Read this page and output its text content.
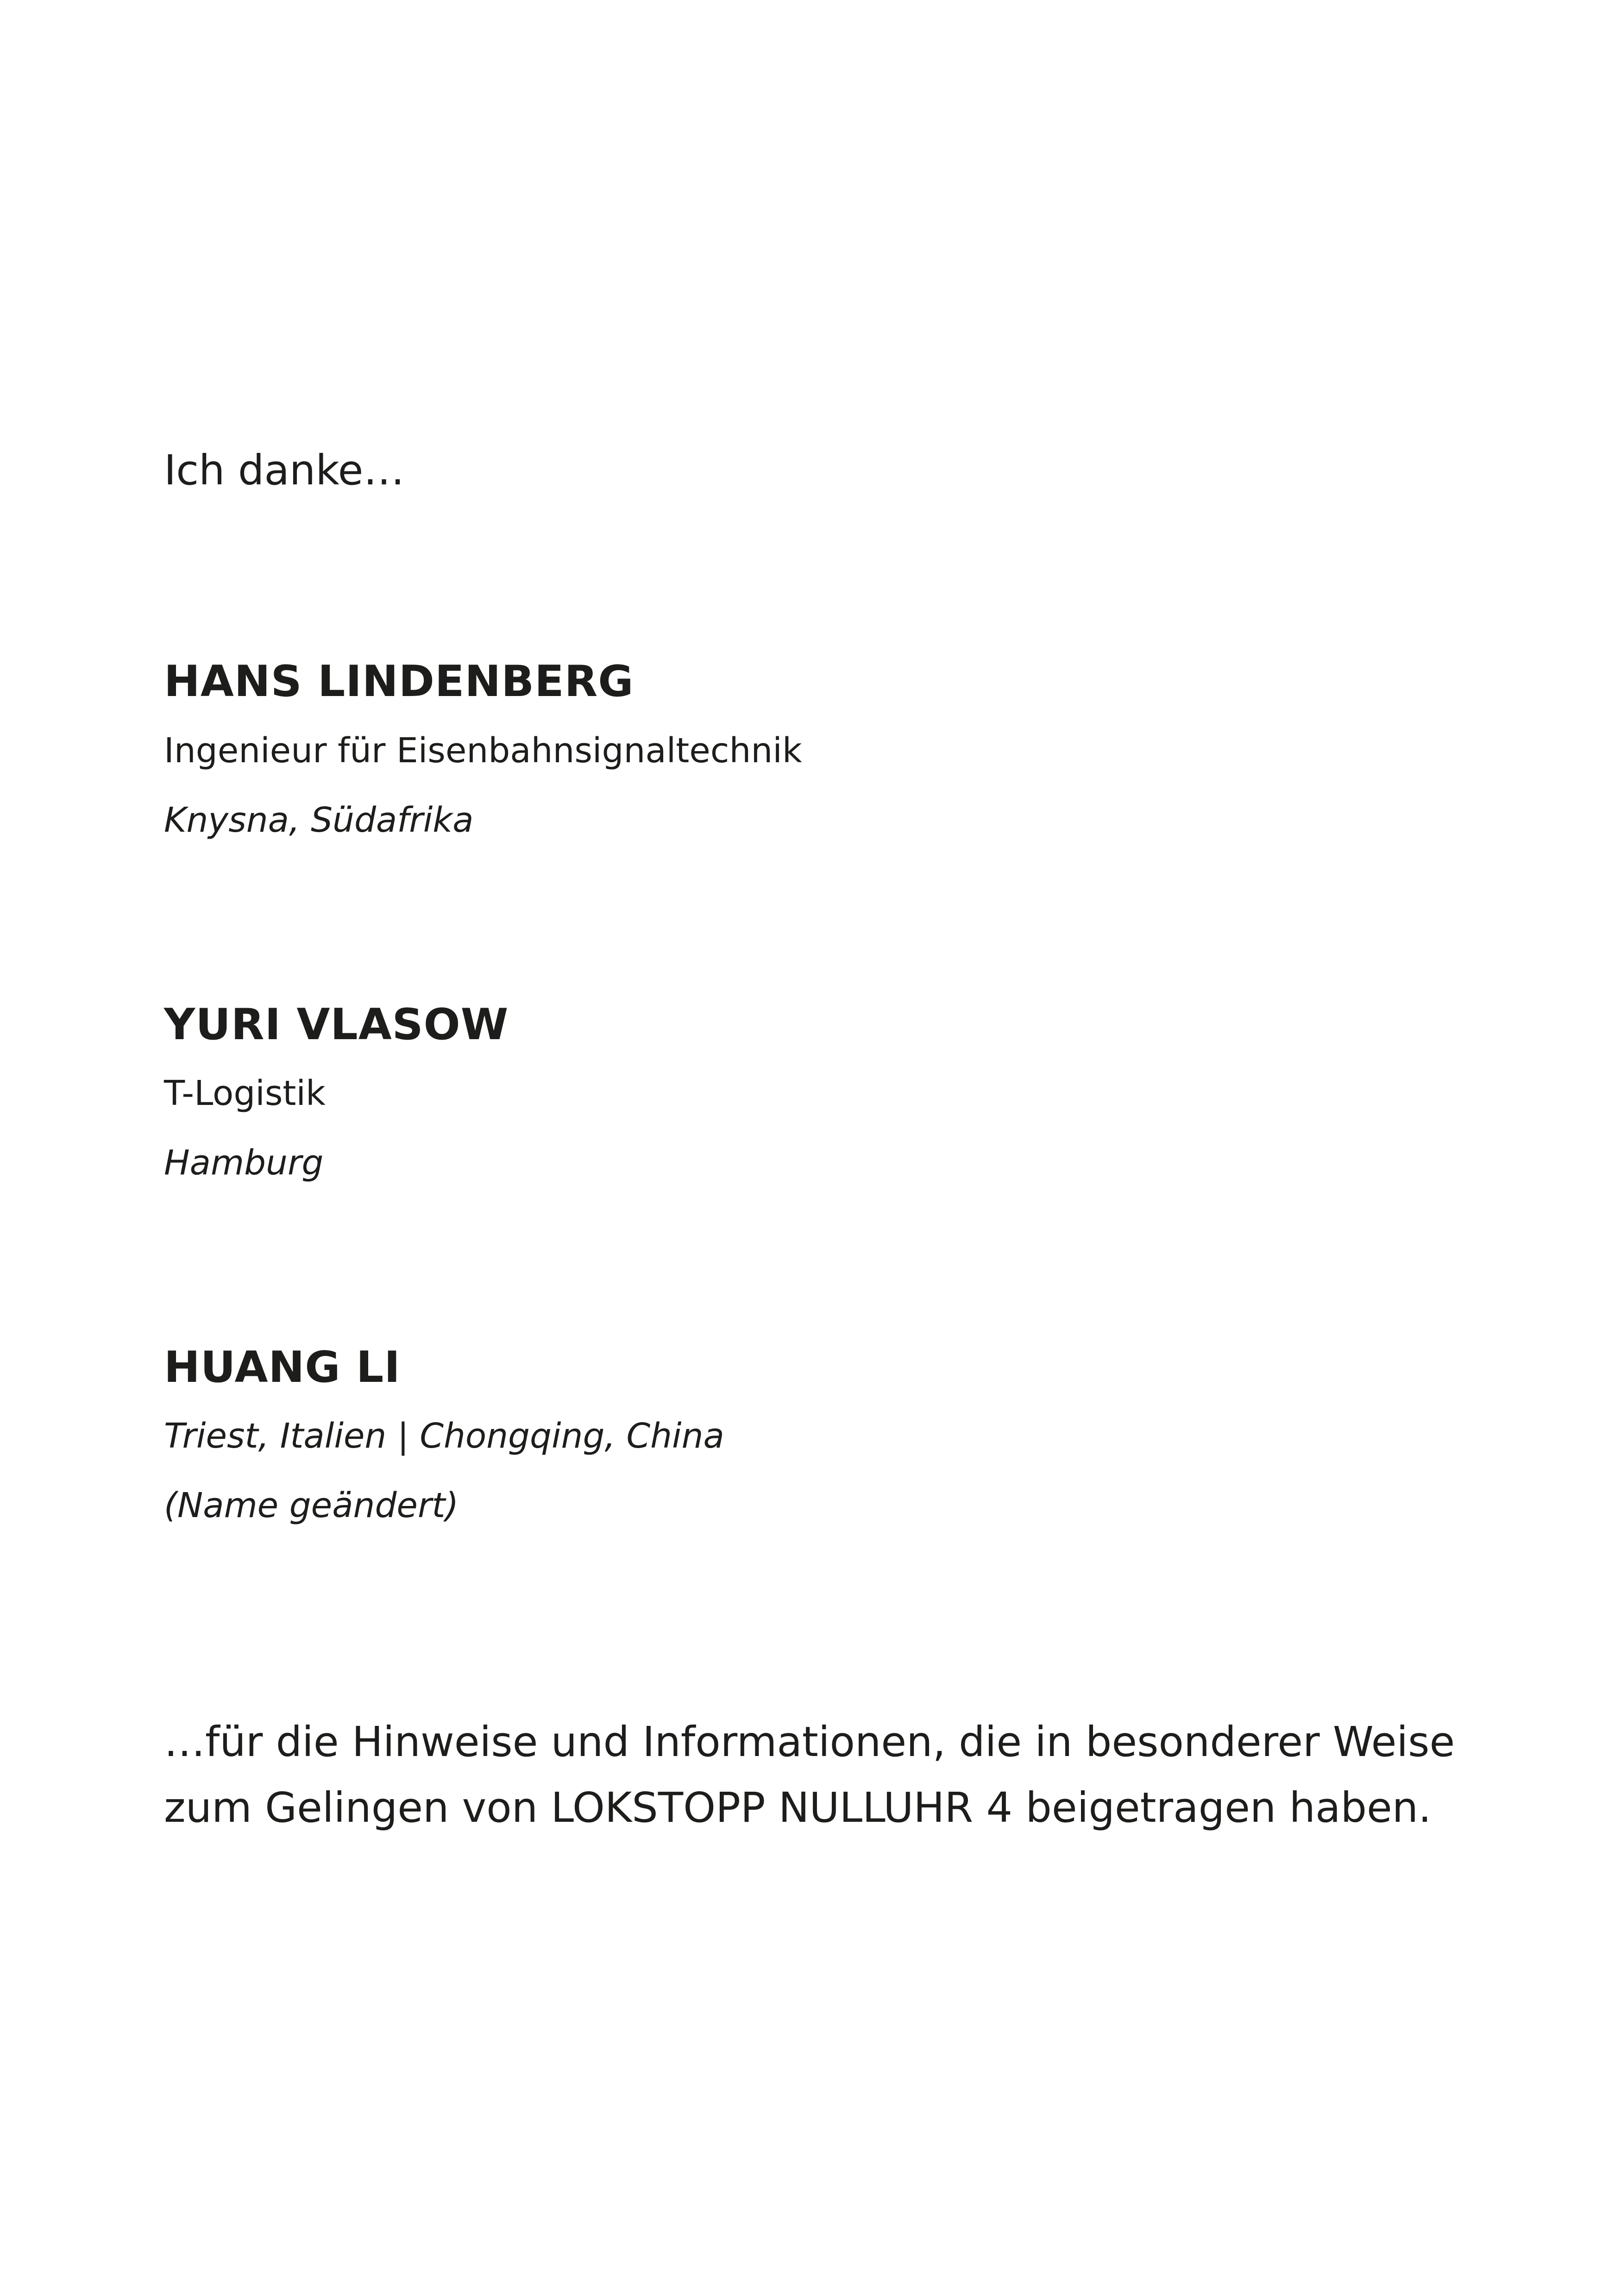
Ich danke…

HANS LINDENBERG

Ingenieur für Eisenbahnsignaltechnik

Knysna, Südafrika

YURI VLASOW

T-Logistik

Hamburg

HUANG LI

Triest, Italien | Chongqing, China

(Name geändert)

…für die Hinweise und Informationen, die in besonderer Weise

zum Gelingen von LOKSTOPP NULLUHR 4 beigetragen haben.
